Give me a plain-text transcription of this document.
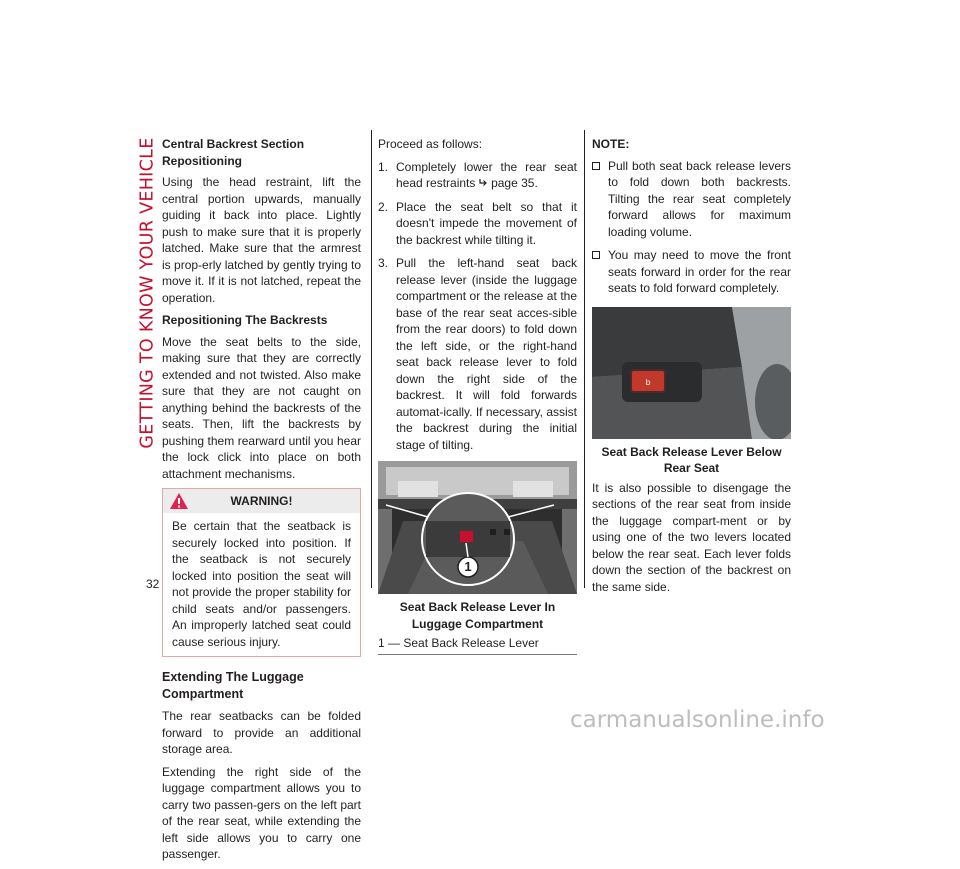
GETTING TO KNOW YOUR VEHICLE
32
Central Backrest Section Repositioning

Using the head restraint, lift the central portion upwards, manually guiding it back into place. Lightly push to make sure that it is properly latched. Make sure that the armrest is prop-erly latched by gently trying to move it. If it is not latched, repeat the operation.

Repositioning The Backrests

Move the seat belts to the side, making sure that they are correctly extended and not twisted. Also make sure that they are not caught on anything behind the backrests of the seats. Then, lift the backrests by pushing them rearward until you hear the lock click into place on both attachment mechanisms.

WARNING!
Be certain that the seatback is securely locked into position. If the seatback is not securely locked into position the seat will not provide the proper stability for child seats and/or passengers. An improperly latched seat could cause serious injury.
Extending The Luggage Compartment

The rear seatbacks can be folded forward to provide an additional storage area.

Extending the right side of the luggage compartment allows you to carry two passen-gers on the left part of the rear seat, while extending the left side allows you to carry one passenger.

Proceed as follows:

1. Completely lower the rear seat head restraints page 35.
2. Place the seat belt so that it doesn't impede the movement of the backrest while tilting it.
3. Pull the left-hand seat back release lever (inside the luggage compartment or the release at the base of the rear seat acces-sible from the rear doors) to fold down the left side, or the right-hand seat back release lever to fold down the right side of the backrest. It will fold forwards automat-ically. If necessary, assist the backrest during the initial stage of tilting.
1
Seat Back Release Lever In Luggage Compartment
1 — Seat Back Release Lever
NOTE:
Pull both seat back release levers to fold down both backrests. Tilting the rear seat completely forward allows for maximum loading volume.
You may need to move the front seats forward in order for the rear seats to fold forward completely.
b
Seat Back Release Lever Below Rear Seat

It is also possible to disengage the sections of the rear seat from inside the luggage compart-ment or by using one of the two levers located below the rear seat. Each lever folds down the section of the backrest on the same side.

carmanualsonline.info
